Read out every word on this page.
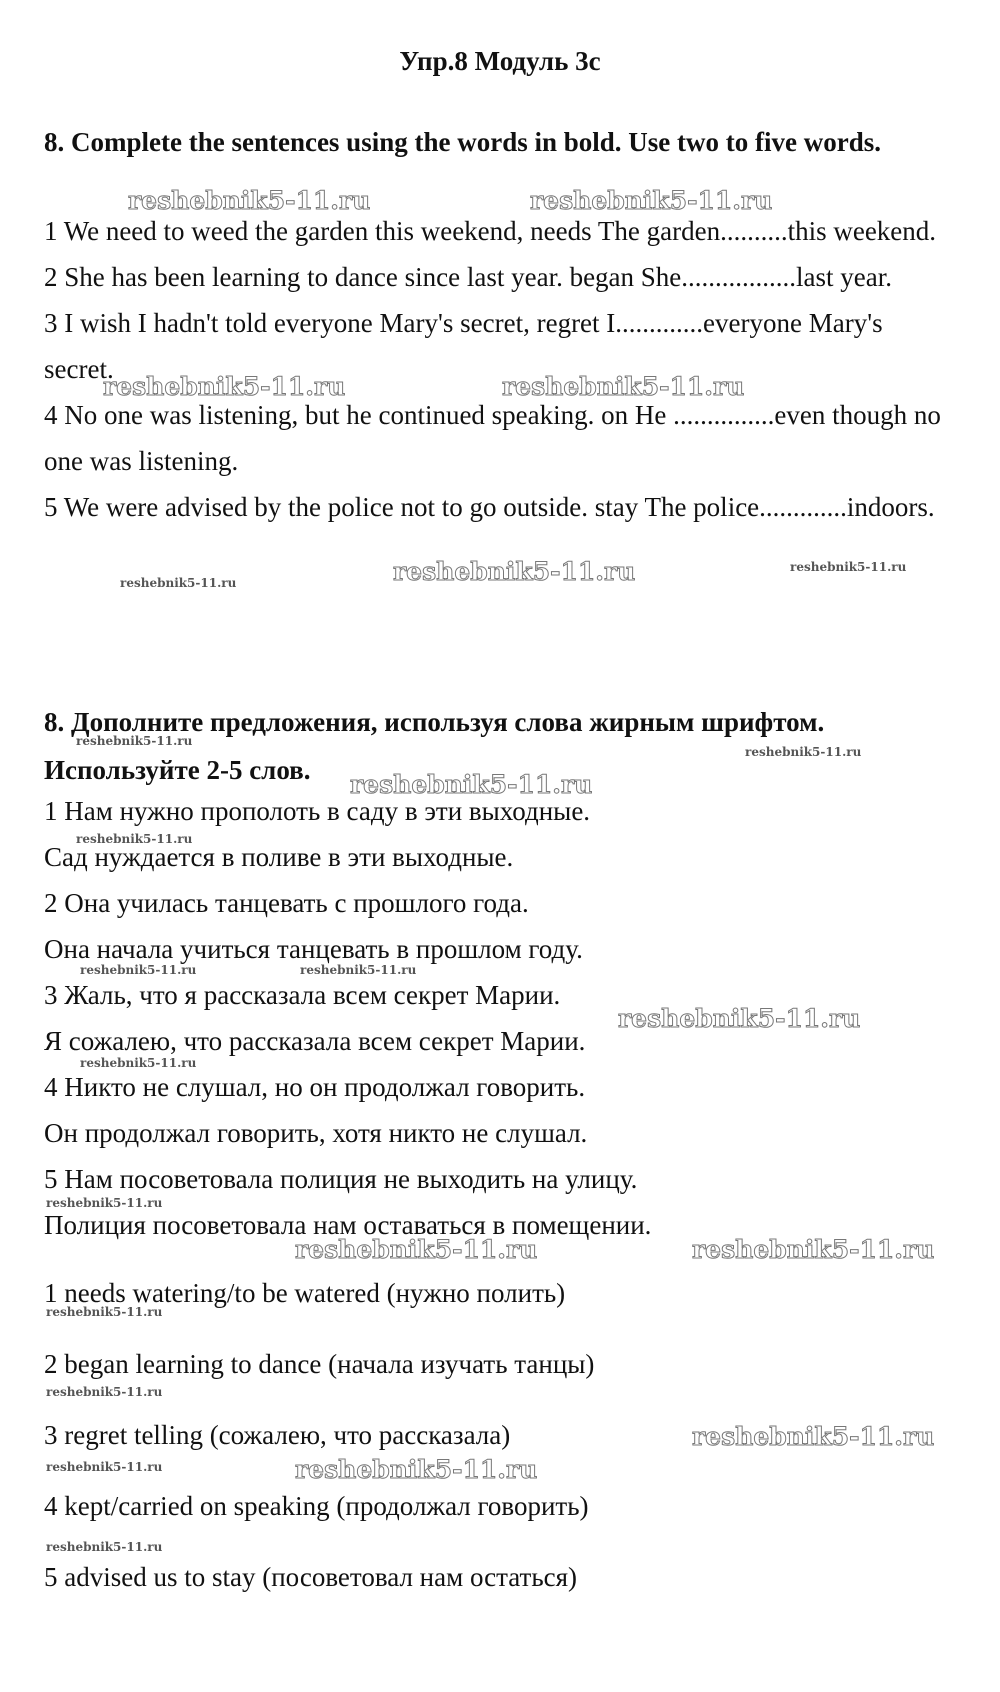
Упр.8 Модуль 3с
8. Complete the sentences using the words in bold. Use two to five words.
1 We need to weed the garden this weekend, needs The garden..........this weekend.
2 She has been learning to dance since last year. began She.................last year.
3 I wish I hadn't told everyone Mary's secret, regret I.............everyone Mary's secret.
4 No one was listening, but he continued speaking. on He ...............even though no one was listening.
5 We were advised by the police not to go outside. stay The police.............indoors.
8. Дополните предложения, используя слова жирным шрифтом. Используйте 2-5 слов.
1 Нам нужно прополоть в саду в эти выходные.
Сад нуждается в поливе в эти выходные.
2 Она училась танцевать с прошлого года.
Она начала учиться танцевать в прошлом году.
3 Жаль, что я рассказала всем секрет Марии.
Я сожалею, что рассказала всем секрет Марии.
4 Никто не слушал, но он продолжал говорить.
Он продолжал говорить, хотя никто не слушал.
5 Нам посоветовала полиция не выходить на улицу.
Полиция посоветовала нам оставаться в помещении.
1 needs watering/to be watered (нужно полить)
2 began learning to dance (начала изучать танцы)
3 regret telling (сожалею, что рассказала)
4 kept/carried on speaking (продолжал говорить)
5 advised us to stay (посоветовал нам остаться)
reshebnik5-11.ru	reshebnik5-11.ru
reshebnik5-11.ru	reshebnik5-11.ru
reshebnik5-11.ru	reshebnik5-11.ru
reshebnik5-11.ru
reshebnik5-11.ru
reshebnik5-11.ru
reshebnik5-11.ru
reshebnik5-11.ru
reshebnik5-11.ru	reshebnik5-11.ru
reshebnik5-11.ru
reshebnik5-11.ru
reshebnik5-11.ru
reshebnik5-11.ru	reshebnik5-11.ru
reshebnik5-11.ru
reshebnik5-11.ru
reshebnik5-11.ru
reshebnik5-11.ru	reshebnik5-11.ru
reshebnik5-11.ru
